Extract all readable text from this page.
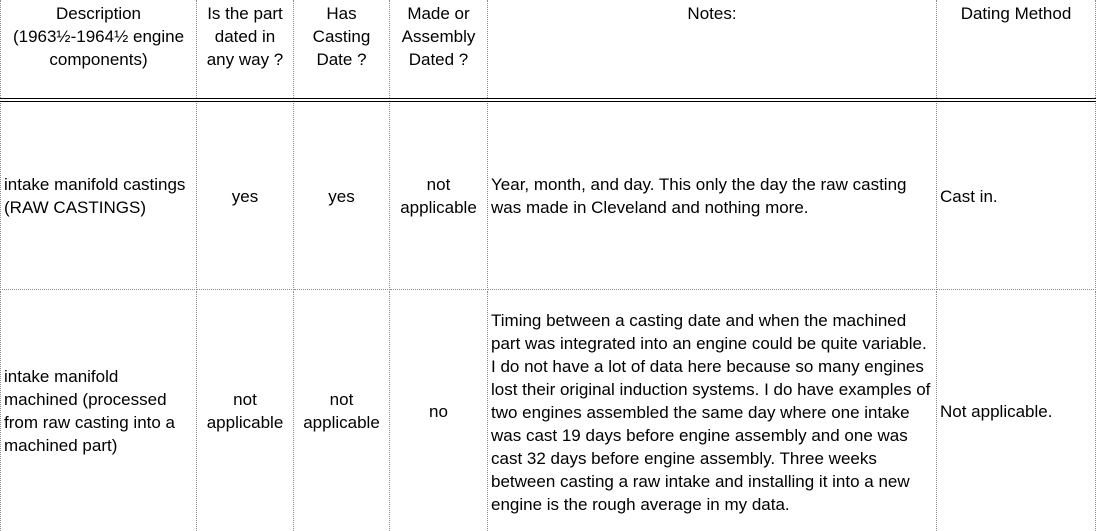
Description (1963½-1964½ engine components)
Is the part dated in any way ?
Has Casting Date ?
Made or Assembly Dated ?
Notes:	Dating Method
intake manifold castings (RAW CASTINGS)
yes	yes
not applicable
Year, month, and day. This only the day the raw casting was made in Cleveland and nothing more.
Cast in.
intake manifold machined (processed from raw casting into a machined part)
not applicable
not applicable
no
Timing between a casting date and when the machined part was integrated into an engine could be quite variable. I do not have a lot of data here because so many engines lost their original induction systems. I do have examples of two engines assembled the same day where one intake was cast 19 days before engine assembly and one was cast 32 days before engine assembly. Three weeks between casting a raw intake and installing it into a new engine is the rough average in my data.
Not applicable.
